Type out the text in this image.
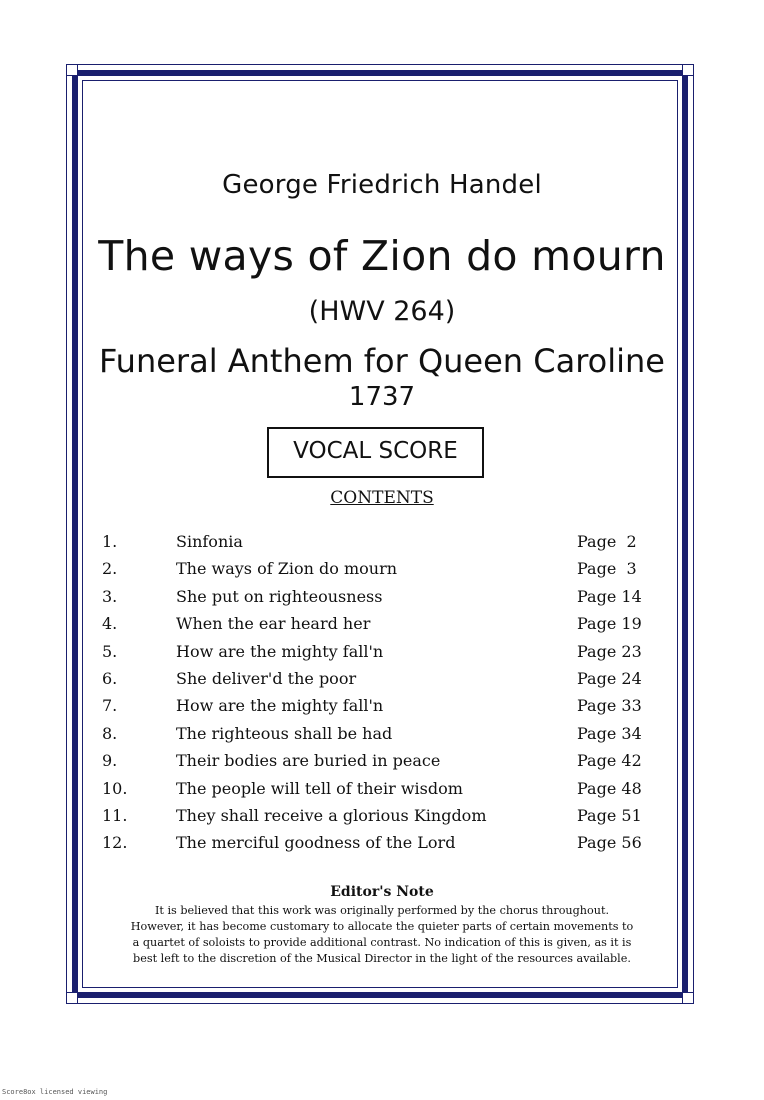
George Friedrich Handel
The ways of Zion do mourn
(HWV 264)
Funeral Anthem for Queen Caroline
1737
VOCAL SCORE
CONTENTS
1.	Sinfonia	Page  2
2.	The ways of Zion do mourn	Page  3
3.	She put on righteousness	Page 14
4.	When the ear heard her	Page 19
5.	How are the mighty fall'n	Page 23
6.	She deliver'd the poor	Page 24
7.	How are the mighty fall'n	Page 33
8.	The righteous shall be had	Page 34
9.	Their bodies are buried in peace	Page 42
10.	The people will tell of their wisdom	Page 48
11.	They shall receive a glorious Kingdom	Page 51
12.	The merciful goodness of the Lord	Page 56
Editor's Note
It is believed that this work was originally performed by the chorus throughout.
However, it has become customary to allocate the quieter parts of certain movements to
a quartet of soloists to provide additional contrast. No indication of this is given, as it is
best left to the discretion of the Musical Director in the light of the resources available.
Score8ox licensed viewing
